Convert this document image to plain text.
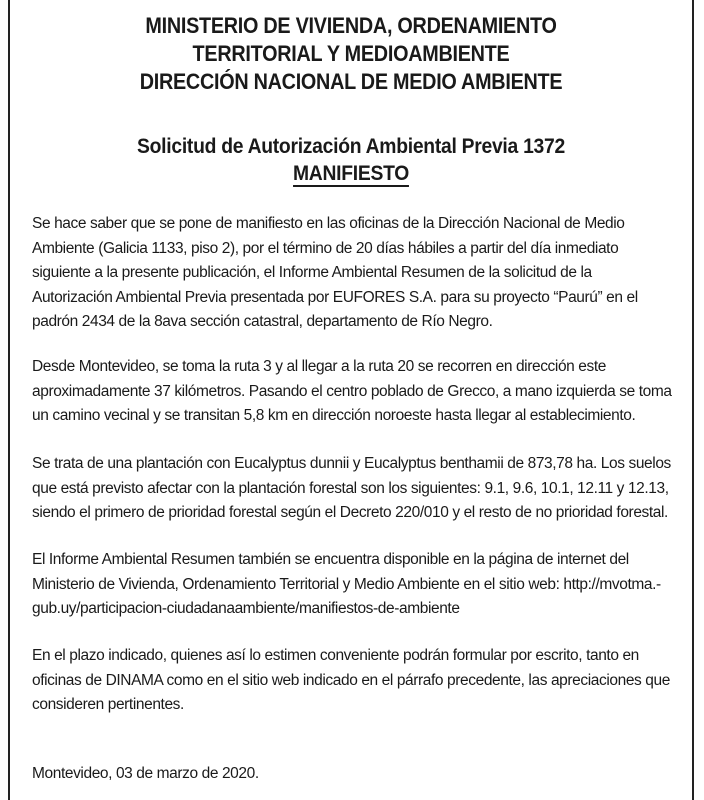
MINISTERIO DE VIVIENDA, ORDENAMIENTO
TERRITORIAL Y MEDIOAMBIENTE
DIRECCIÓN NACIONAL DE MEDIO AMBIENTE
Solicitud de Autorización Ambiental Previa 1372
MANIFIESTO

Se hace saber que se pone de manifiesto en las oficinas de la Dirección Nacional de Medio Ambiente (Galicia 1133, piso 2), por el término de 20 días hábiles a partir del día inmediato siguiente a la presente publicación, el Informe Ambiental Resumen de la solicitud de la Autorización Ambiental Previa presentada por EUFORES S.A. para su proyecto “Paurú” en el padrón 2434 de la 8ava sección catastral, departamento de Río Negro.

Desde Montevideo, se toma la ruta 3 y al llegar a la ruta 20 se recorren en dirección este aproximadamente 37 kilómetros. Pasando el centro poblado de Grecco, a mano izquierda se toma un camino vecinal y se transitan 5,8 km en dirección noroeste hasta llegar al establecimiento.

Se trata de una plantación con Eucalyptus dunnii y Eucalyptus benthamii de 873,78 ha. Los suelos que está previsto afectar con la plantación forestal son los siguientes: 9.1, 9.6, 10.1, 12.11 y 12.13, siendo el primero de prioridad forestal según el Decreto 220/010 y el resto de no prioridad forestal.

El Informe Ambiental Resumen también se encuentra disponible en la página de internet del Ministerio de Vivienda, Ordenamiento Territorial y Medio Ambiente en el sitio web: http://mvotma.-gub.uy/participacion-ciudadanaambiente/manifiestos-de-ambiente

En el plazo indicado, quienes así lo estimen conveniente podrán formular por escrito, tanto en oficinas de DINAMA como en el sitio web indicado en el párrafo precedente, las apreciaciones que consideren pertinentes.

Montevideo, 03 de marzo de 2020.
